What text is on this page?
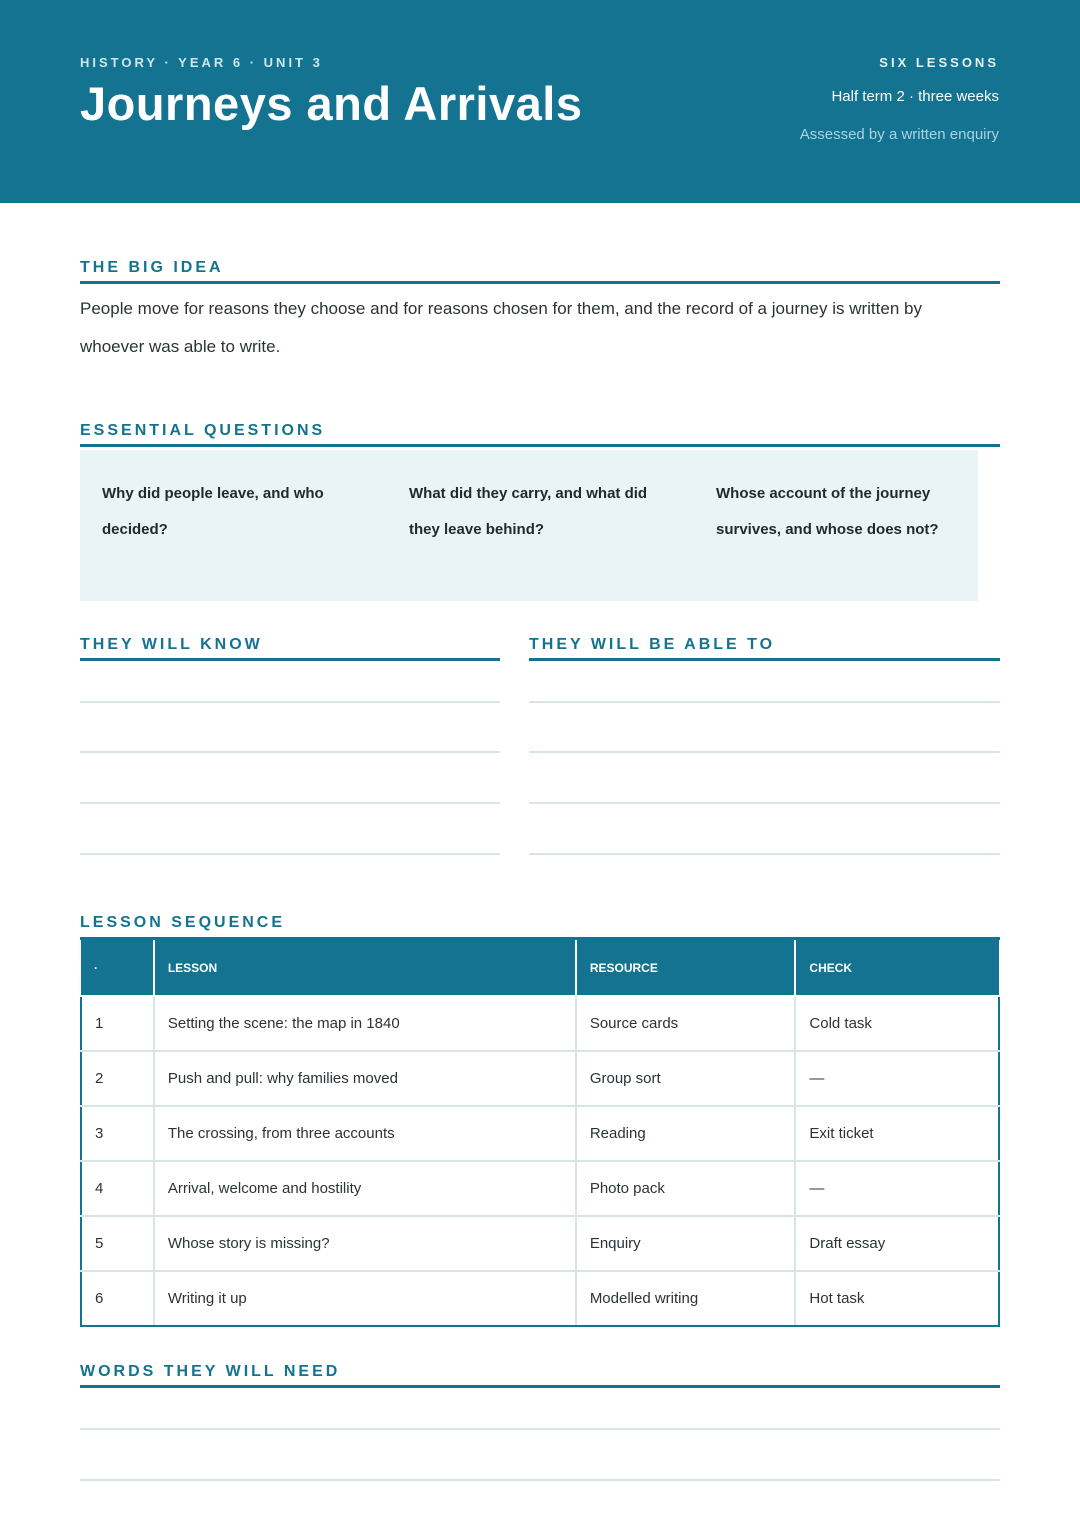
HISTORY · YEAR 6 · UNIT 3
Journeys and Arrivals
SIX LESSONS
Half term 2 · three weeks
Assessed by a written enquiry
THE BIG IDEA
People move for reasons they choose and for reasons chosen for them, and the record of a journey is written by whoever was able to write.
ESSENTIAL QUESTIONS
Why did people leave, and who decided?
What did they carry, and what did they leave behind?
Whose account of the journey survives, and whose does not?
THEY WILL KNOW	THEY WILL BE ABLE TO
LESSON SEQUENCE
·	LESSON	RESOURCE	CHECK
1	Setting the scene: the map in 1840	Source cards	Cold task
2	Push and pull: why families moved	Group sort	—
3	The crossing, from three accounts	Reading	Exit ticket
4	Arrival, welcome and hostility	Photo pack	—
5	Whose story is missing?	Enquiry	Draft essay
6	Writing it up	Modelled writing	Hot task
WORDS THEY WILL NEED
